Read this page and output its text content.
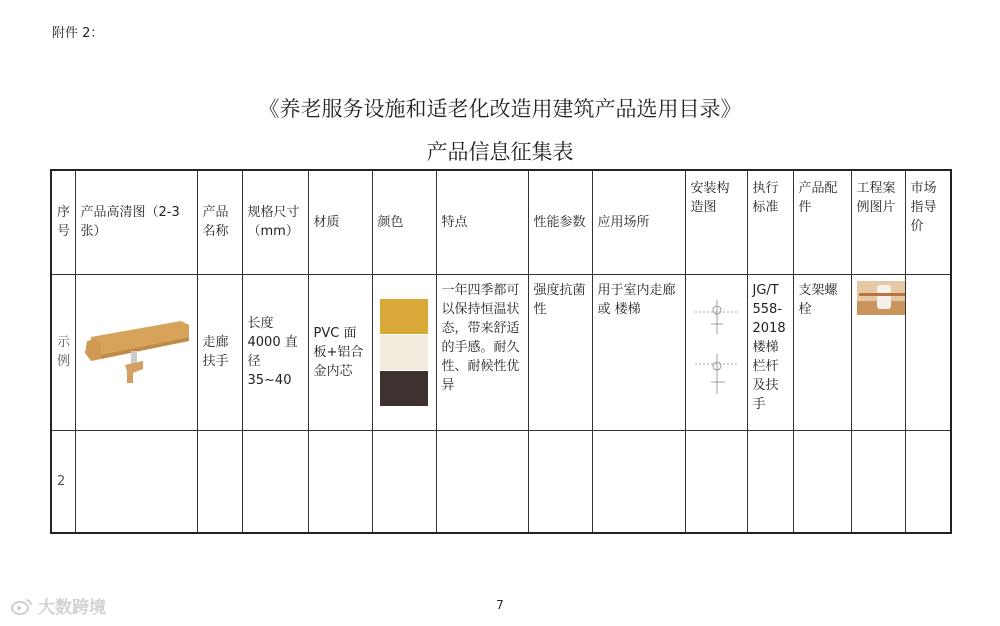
附件 2：
《养老服务设施和适老化改造用建筑产品选用目录》
产品信息征集表
序号	产品高清图（2-3 张）	产品名称	规格尺寸（mm）	材质	颜色	特点	性能参数	应用场所	安装构造图	执行标准	产品配件	工程案例图片	市场指导价
示例		走廊扶手	长度 4000 直径 35~40	PVC 面板+铝合金内芯		一年四季都可以保持恒温状态，带来舒适的手感。耐久性、耐候性优异	强度抗菌性	用于室内走廊或 楼梯		JG/T 558-2018楼梯栏杆及扶手	支架螺栓	

2													
7
大数跨境
